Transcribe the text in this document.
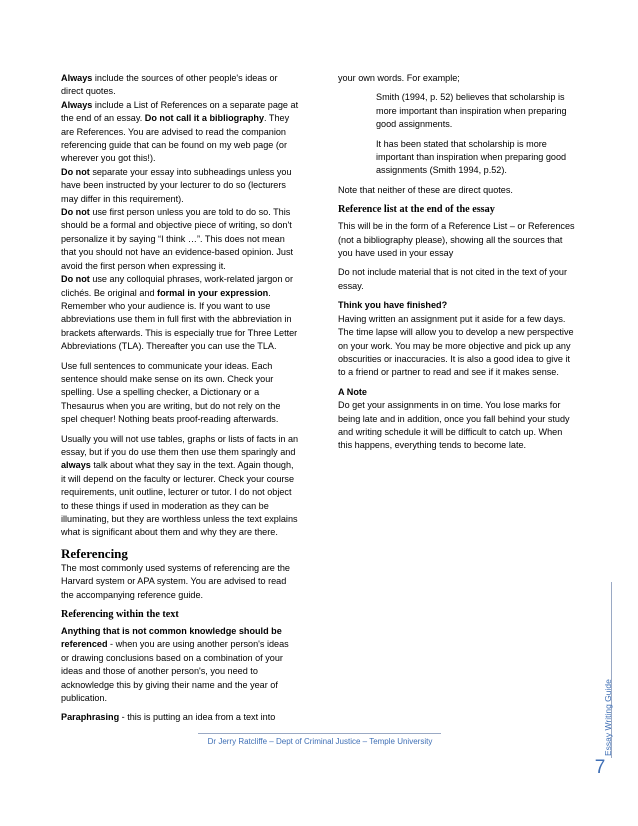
Always include the sources of other people's ideas or direct quotes.

Always include a List of References on a separate page at the end of an essay. Do not call it a bibliography. They are References. You are advised to read the companion referencing guide that can be found on my web page (or wherever you got this!).

Do not separate your essay into subheadings unless you have been instructed by your lecturer to do so (lecturers may differ in this requirement).

Do not use first person unless you are told to do so. This should be a formal and objective piece of writing, so don't personalize it by saying “I think …”. This does not mean that you should not have an evidence-based opinion. Just avoid the first person when expressing it.

Do not use any colloquial phrases, work-related jargon or clichés. Be original and formal in your expression. Remember who your audience is. If you want to use abbreviations use them in full first with the abbreviation in brackets afterwards. This is especially true for Three Letter Abbreviations (TLA). Thereafter you can use the TLA.

Use full sentences to communicate your ideas. Each sentence should make sense on its own. Check your spelling. Use a spelling checker, a Dictionary or a Thesaurus when you are writing, but do not rely on the spel chequer! Nothing beats proof-reading afterwards.

Usually you will not use tables, graphs or lists of facts in an essay, but if you do use them then use them sparingly and always talk about what they say in the text. Again though, it will depend on the faculty or lecturer. Check your course requirements, unit outline, lecturer or tutor. I do not object to these things if used in moderation as they can be illuminating, but they are worthless unless the text explains what is significant about them and why they are there.

Referencing

The most commonly used systems of referencing are the Harvard system or APA system. You are advised to read the accompanying reference guide.

Referencing within the text

Anything that is not common knowledge should be referenced - when you are using another person's ideas or drawing conclusions based on a combination of your ideas and those of another person's, you need to acknowledge this by giving their name and the year of publication.

Paraphrasing - this is putting an idea from a text into

your own words. For example;

Smith (1994, p. 52) believes that scholarship is more important than inspiration when preparing good assignments.

It has been stated that scholarship is more important than inspiration when preparing good assignments (Smith 1994, p.52).

Note that neither of these are direct quotes.

Reference list at the end of the essay

This will be in the form of a Reference List – or References (not a bibliography please), showing all the sources that you have used in your essay

Do not include material that is not cited in the text of your essay.

Think you have finished?

Having written an assignment put it aside for a few days. The time lapse will allow you to develop a new perspective on your work. You may be more objective and pick up any obscurities or inaccuracies. It is also a good idea to give it to a friend or partner to read and see if it makes sense.

A Note

Do get your assignments in on time. You lose marks for being late and in addition, once you fall behind your study and writing schedule it will be difficult to catch up. When this happens, everything tends to become late.

Dr Jerry Ratcliffe – Dept of Criminal Justice – Temple University	Essay Writing Guide
7
